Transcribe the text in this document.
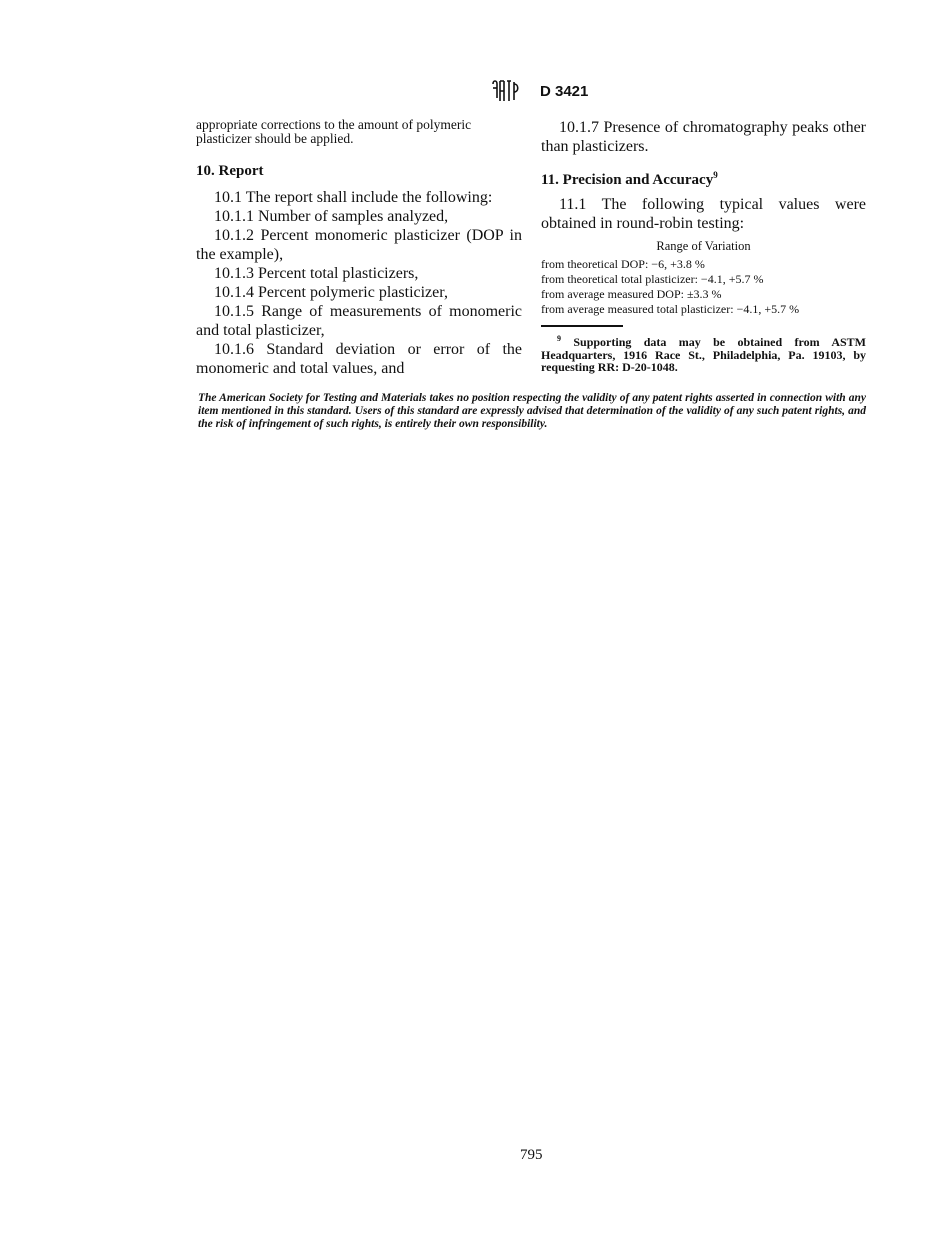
D 3421

appropriate corrections to the amount of polymeric plasticizer should be applied.

10. Report

10.1 The report shall include the following:

10.1.1 Number of samples analyzed,

10.1.2 Percent monomeric plasticizer (DOP in the example),

10.1.3 Percent total plasticizers,

10.1.4 Percent polymeric plasticizer,

10.1.5 Range of measurements of monomeric and total plasticizer,

10.1.6 Standard deviation or error of the monomeric and total values, and

10.1.7 Presence of chromatography peaks other than plasticizers.

11. Precision and Accuracy$^9$

11.1 The following typical values were obtained in round-robin testing:

Range of Variation

from theoretical DOP: −6, +3.8 %

from theoretical total plasticizer: −4.1, +5.7 %

from average measured DOP: ±3.3 %

from average measured total plasticizer: −4.1, +5.7 %

$^9$ Supporting data may be obtained from ASTM Headquarters, 1916 Race St., Philadelphia, Pa. 19103, by requesting RR: D-20-1048.

The American Society for Testing and Materials takes no position respecting the validity of any patent rights asserted in connection with any item mentioned in this standard. Users of this standard are expressly advised that determination of the validity of any such patent rights, and the risk of infringement of such rights, is entirely their own responsibility.

795
